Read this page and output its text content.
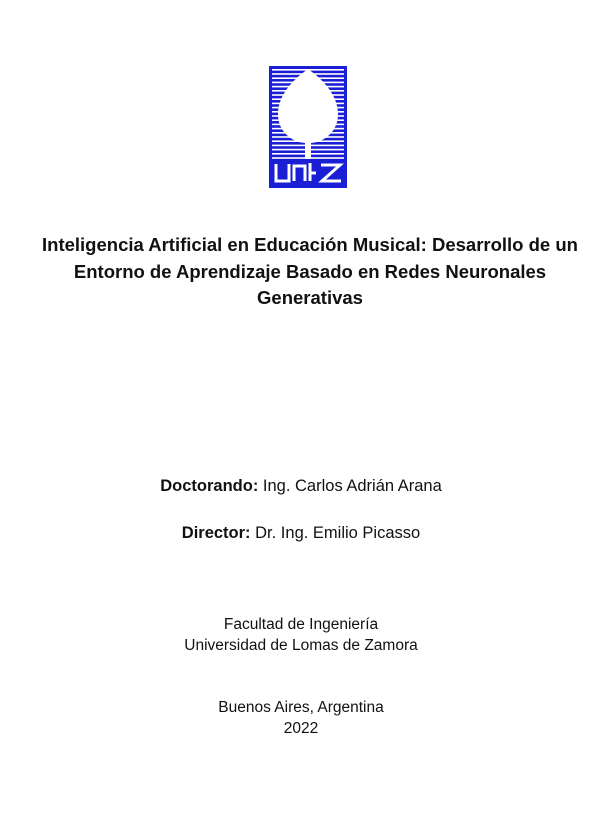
Inteligencia Artificial en Educación Musical: Desarrollo de un Entorno de Aprendizaje Basado en Redes Neuronales Generativas
Doctorando: Ing. Carlos Adrián Arana
Director: Dr. Ing. Emilio Picasso
Facultad de Ingeniería
Universidad de Lomas de Zamora
Buenos Aires, Argentina
2022
